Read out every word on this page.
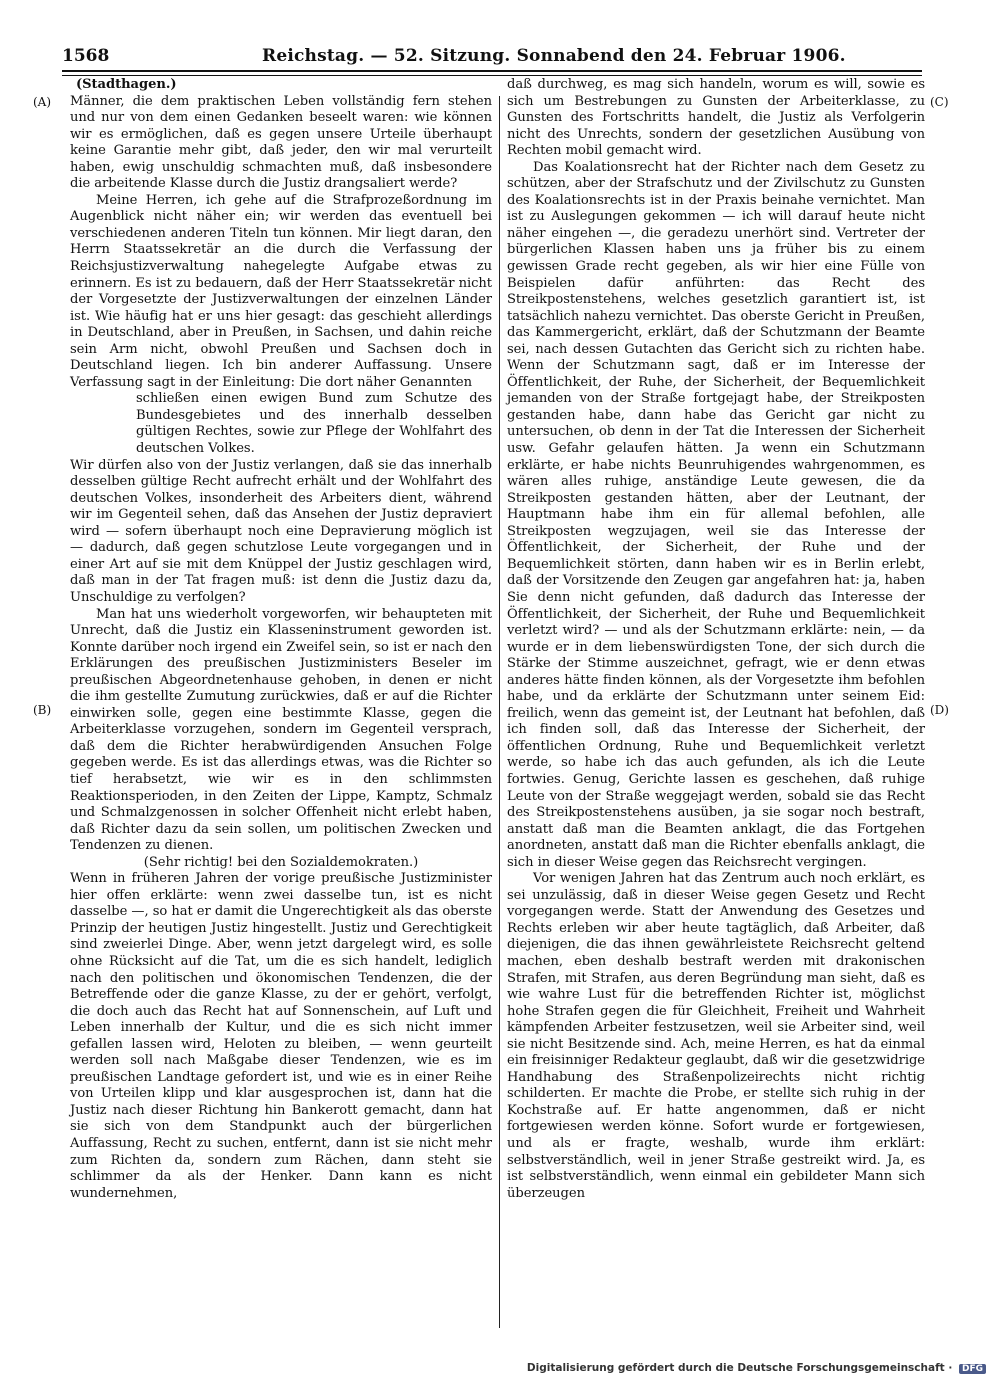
1568	Reichstag. — 52. Sitzung. Sonnabend den 24. Februar 1906.
(A)
(B)
(C)
(D)

(Stadthagen.)

Männer, die dem praktischen Leben vollständig fern stehen und nur von dem einen Gedanken beseelt waren: wie können wir es ermöglichen, daß es gegen unsere Urteile überhaupt keine Garantie mehr gibt, daß jeder, den wir mal verurteilt haben, ewig unschuldig schmachten muß, daß insbesondere die arbeitende Klasse durch die Justiz drangsaliert werde?

Meine Herren, ich gehe auf die Strafprozeßordnung im Augenblick nicht näher ein; wir werden das eventuell bei verschiedenen anderen Titeln tun können. Mir liegt daran, den Herrn Staatssekretär an die durch die Verfassung der Reichsjustizverwaltung nahegelegte Aufgabe etwas zu erinnern. Es ist zu bedauern, daß der Herr Staatssekretär nicht der Vorgesetzte der Justizverwaltungen der einzelnen Länder ist. Wie häufig hat er uns hier gesagt: das geschieht allerdings in Deutschland, aber in Preußen, in Sachsen, und dahin reiche sein Arm nicht, obwohl Preußen und Sachsen doch in Deutschland liegen. Ich bin anderer Auffassung. Unsere Verfassung sagt in der Einleitung: Die dort näher Genannten

schließen einen ewigen Bund zum Schutze des Bundesgebietes und des innerhalb desselben gültigen Rechtes, sowie zur Pflege der Wohlfahrt des deutschen Volkes.

Wir dürfen also von der Justiz verlangen, daß sie das innerhalb desselben gültige Recht aufrecht erhält und der Wohlfahrt des deutschen Volkes, insonderheit des Arbeiters dient, während wir im Gegenteil sehen, daß das Ansehen der Justiz depraviert wird — sofern überhaupt noch eine Depravierung möglich ist — dadurch, daß gegen schutzlose Leute vorgegangen und in einer Art auf sie mit dem Knüppel der Justiz geschlagen wird, daß man in der Tat fragen muß: ist denn die Justiz dazu da, Unschuldige zu verfolgen?

Man hat uns wiederholt vorgeworfen, wir behaupteten mit Unrecht, daß die Justiz ein Klasseninstrument geworden ist. Konnte darüber noch irgend ein Zweifel sein, so ist er nach den Erklärungen des preußischen Justizministers Beseler im preußischen Abgeordnetenhause gehoben, in denen er nicht die ihm gestellte Zumutung zurückwies, daß er auf die Richter einwirken solle, gegen eine bestimmte Klasse, gegen die Arbeiterklasse vorzugehen, sondern im Gegenteil versprach, daß dem die Richter herabwürdigenden Ansuchen Folge gegeben werde. Es ist das allerdings etwas, was die Richter so tief herabsetzt, wie wir es in den schlimmsten Reaktionsperioden, in den Zeiten der Lippe, Kamptz, Schmalz und Schmalzgenossen in solcher Offenheit nicht erlebt haben, daß Richter dazu da sein sollen, um politischen Zwecken und Tendenzen zu dienen.

(Sehr richtig! bei den Sozialdemokraten.)

Wenn in früheren Jahren der vorige preußische Justizminister hier offen erklärte: wenn zwei dasselbe tun, ist es nicht dasselbe —, so hat er damit die Ungerechtigkeit als das oberste Prinzip der heutigen Justiz hingestellt. Justiz und Gerechtigkeit sind zweierlei Dinge. Aber, wenn jetzt dargelegt wird, es solle ohne Rücksicht auf die Tat, um die es sich handelt, lediglich nach den politischen und ökonomischen Tendenzen, die der Betreffende oder die ganze Klasse, zu der er gehört, verfolgt, die doch auch das Recht hat auf Sonnenschein, auf Luft und Leben innerhalb der Kultur, und die es sich nicht immer gefallen lassen wird, Heloten zu bleiben, — wenn geurteilt werden soll nach Maßgabe dieser Tendenzen, wie es im preußischen Landtage gefordert ist, und wie es in einer Reihe von Urteilen klipp und klar ausgesprochen ist, dann hat die Justiz nach dieser Richtung hin Bankerott gemacht, dann hat sie sich von dem Standpunkt auch der bürgerlichen Auffassung, Recht zu suchen, entfernt, dann ist sie nicht mehr zum Richten da, sondern zum Rächen, dann steht sie schlimmer da als der Henker. Dann kann es nicht wundernehmen,

daß durchweg, es mag sich handeln, worum es will, sowie es sich um Bestrebungen zu Gunsten der Arbeiterklasse, zu Gunsten des Fortschritts handelt, die Justiz als Verfolgerin nicht des Unrechts, sondern der gesetzlichen Ausübung von Rechten mobil gemacht wird.

Das Koalationsrecht hat der Richter nach dem Gesetz zu schützen, aber der Strafschutz und der Zivilschutz zu Gunsten des Koalationsrechts ist in der Praxis beinahe vernichtet. Man ist zu Auslegungen gekommen — ich will darauf heute nicht näher eingehen —, die geradezu unerhört sind. Vertreter der bürgerlichen Klassen haben uns ja früher bis zu einem gewissen Grade recht gegeben, als wir hier eine Fülle von Beispielen dafür anführten: das Recht des Streikpostenstehens, welches gesetzlich garantiert ist, ist tatsächlich nahezu vernichtet. Das oberste Gericht in Preußen, das Kammergericht, erklärt, daß der Schutzmann der Beamte sei, nach dessen Gutachten das Gericht sich zu richten habe. Wenn der Schutzmann sagt, daß er im Interesse der Öffentlichkeit, der Ruhe, der Sicherheit, der Bequemlichkeit jemanden von der Straße fortgejagt habe, der Streikposten gestanden habe, dann habe das Gericht gar nicht zu untersuchen, ob denn in der Tat die Interessen der Sicherheit usw. Gefahr gelaufen hätten. Ja wenn ein Schutzmann erklärte, er habe nichts Beunruhigendes wahrgenommen, es wären alles ruhige, anständige Leute gewesen, die da Streikposten gestanden hätten, aber der Leutnant, der Hauptmann habe ihm ein für allemal befohlen, alle Streikposten wegzujagen, weil sie das Interesse der Öffentlichkeit, der Sicherheit, der Ruhe und der Bequemlichkeit störten, dann haben wir es in Berlin erlebt, daß der Vorsitzende den Zeugen gar angefahren hat: ja, haben Sie denn nicht gefunden, daß dadurch das Interesse der Öffentlichkeit, der Sicherheit, der Ruhe und Bequemlichkeit verletzt wird? — und als der Schutzmann erklärte: nein, — da wurde er in dem liebenswürdigsten Tone, der sich durch die Stärke der Stimme auszeichnet, gefragt, wie er denn etwas anderes hätte finden können, als der Vorgesetzte ihm befohlen habe, und da erklärte der Schutzmann unter seinem Eid: freilich, wenn das gemeint ist, der Leutnant hat befohlen, daß ich finden soll, daß das Interesse der Sicherheit, der öffentlichen Ordnung, Ruhe und Bequemlichkeit verletzt werde, so habe ich das auch gefunden, als ich die Leute fortwies. Genug, Gerichte lassen es geschehen, daß ruhige Leute von der Straße weggejagt werden, sobald sie das Recht des Streikpostenstehens ausüben, ja sie sogar noch bestraft, anstatt daß man die Beamten anklagt, die das Fortgehen anordneten, anstatt daß man die Richter ebenfalls anklagt, die sich in dieser Weise gegen das Reichsrecht vergingen.

Vor wenigen Jahren hat das Zentrum auch noch erklärt, es sei unzulässig, daß in dieser Weise gegen Gesetz und Recht vorgegangen werde. Statt der Anwendung des Gesetzes und Rechts erleben wir aber heute tagtäglich, daß Arbeiter, daß diejenigen, die das ihnen gewährleistete Reichsrecht geltend machen, eben deshalb bestraft werden mit drakonischen Strafen, mit Strafen, aus deren Begründung man sieht, daß es wie wahre Lust für die betreffenden Richter ist, möglichst hohe Strafen gegen die für Gleichheit, Freiheit und Wahrheit kämpfenden Arbeiter festzusetzen, weil sie Arbeiter sind, weil sie nicht Besitzende sind. Ach, meine Herren, es hat da einmal ein freisinniger Redakteur geglaubt, daß wir die gesetzwidrige Handhabung des Straßenpolizeirechts nicht richtig schilderten. Er machte die Probe, er stellte sich ruhig in der Kochstraße auf. Er hatte angenommen, daß er nicht fortgewiesen werden könne. Sofort wurde er fortgewiesen, und als er fragte, weshalb, wurde ihm erklärt: selbstverständlich, weil in jener Straße gestreikt wird. Ja, es ist selbstverständlich, wenn einmal ein gebildeter Mann sich überzeugen

Digitalisierung gefördert durch die Deutsche Forschungsgemeinschaft · DFG
